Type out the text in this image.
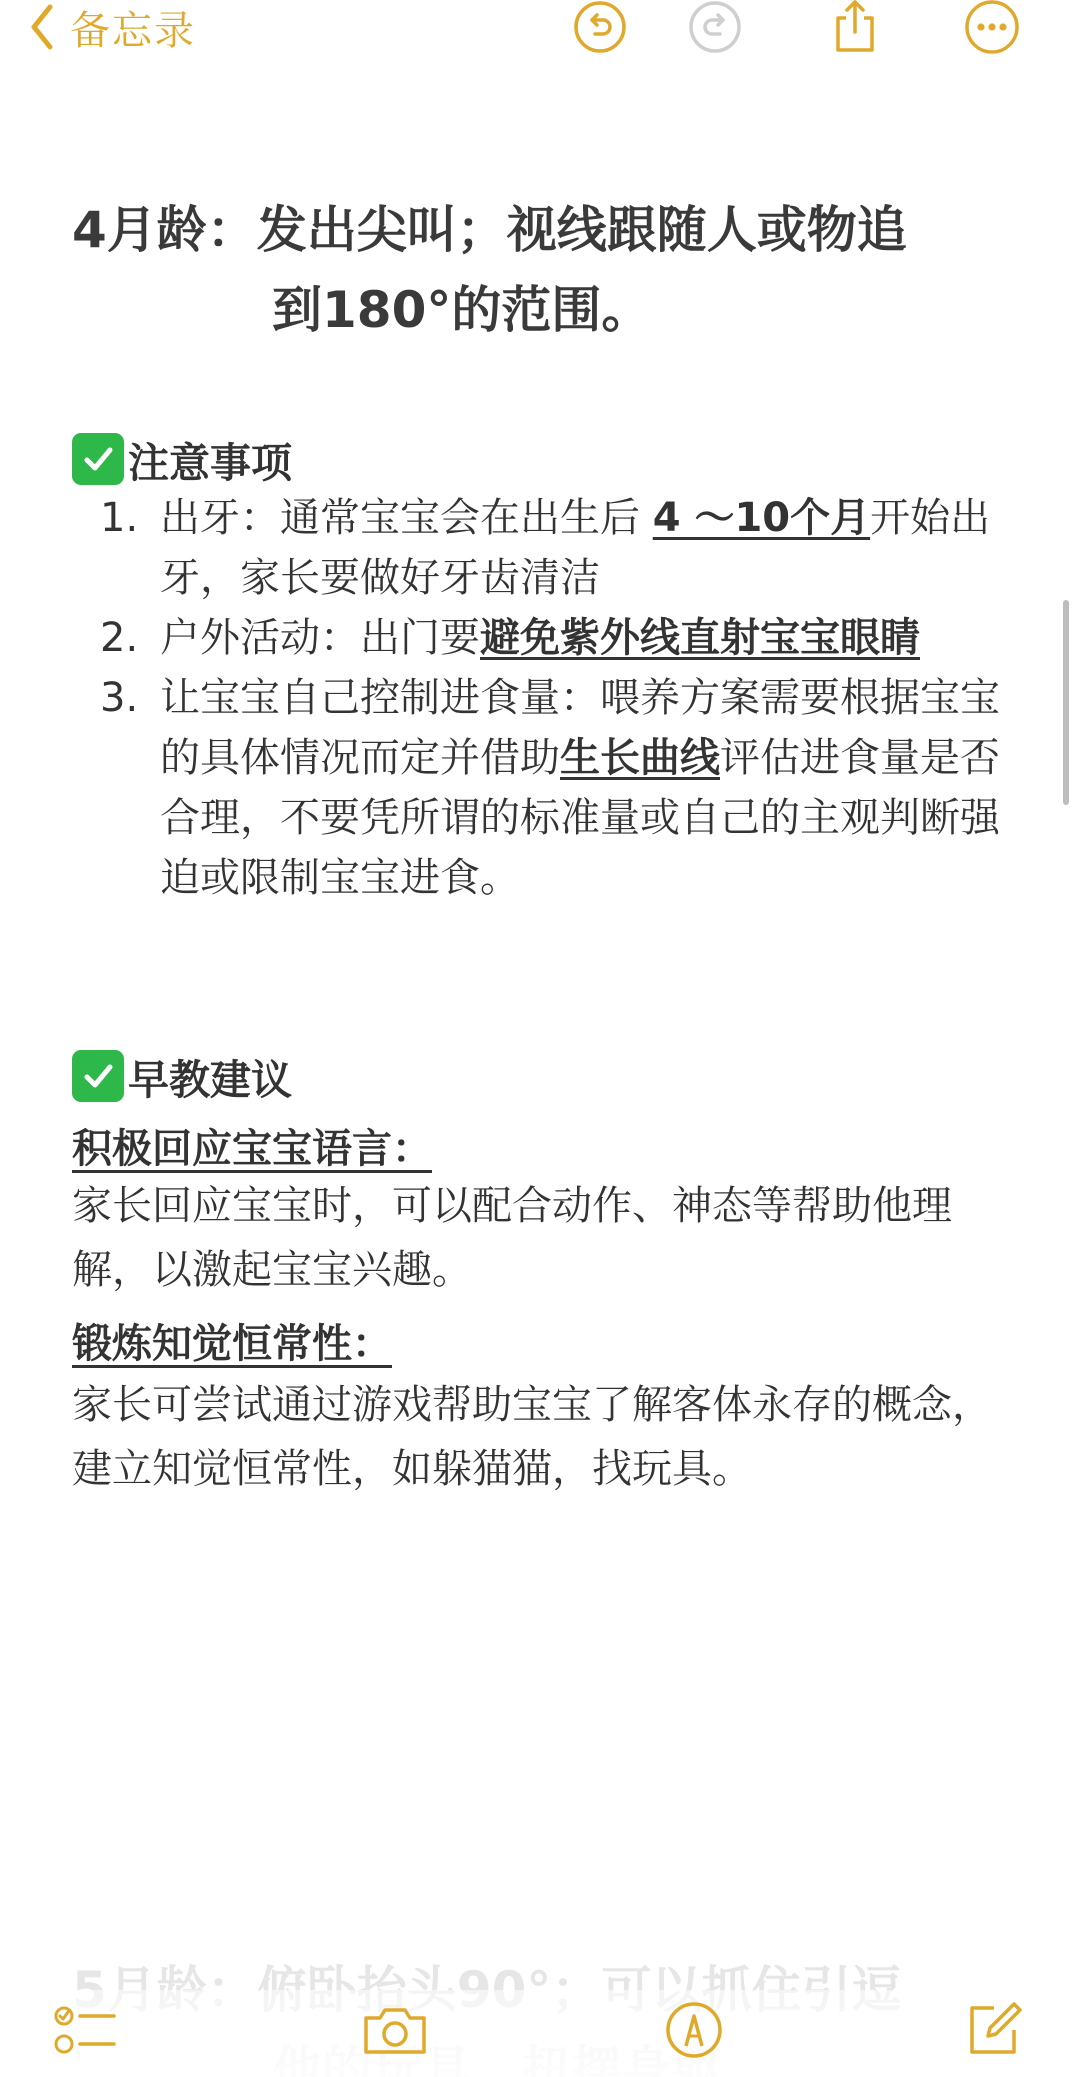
备忘录
4月龄：发出尖叫；视线跟随人或物追
到180°的范围。
注意事项
1. 出牙：通常宝宝会在出生后 4 ～10个月开始出牙，家长要做好牙齿清洁
2. 户外活动：出门要避免紫外线直射宝宝眼睛
3. 让宝宝自己控制进食量：喂养方案需要根据宝宝的具体情况而定并借助生长曲线评估进食量是否合理，不要凭所谓的标准量或自己的主观判断强迫或限制宝宝进食。
早教建议
积极回应宝宝语言：
家长回应宝宝时，可以配合动作、神态等帮助他理解，以激起宝宝兴趣。
锻炼知觉恒常性：
家长可尝试通过游戏帮助宝宝了解客体永存的概念，建立知觉恒常性，如躲猫猫，找玩具。
